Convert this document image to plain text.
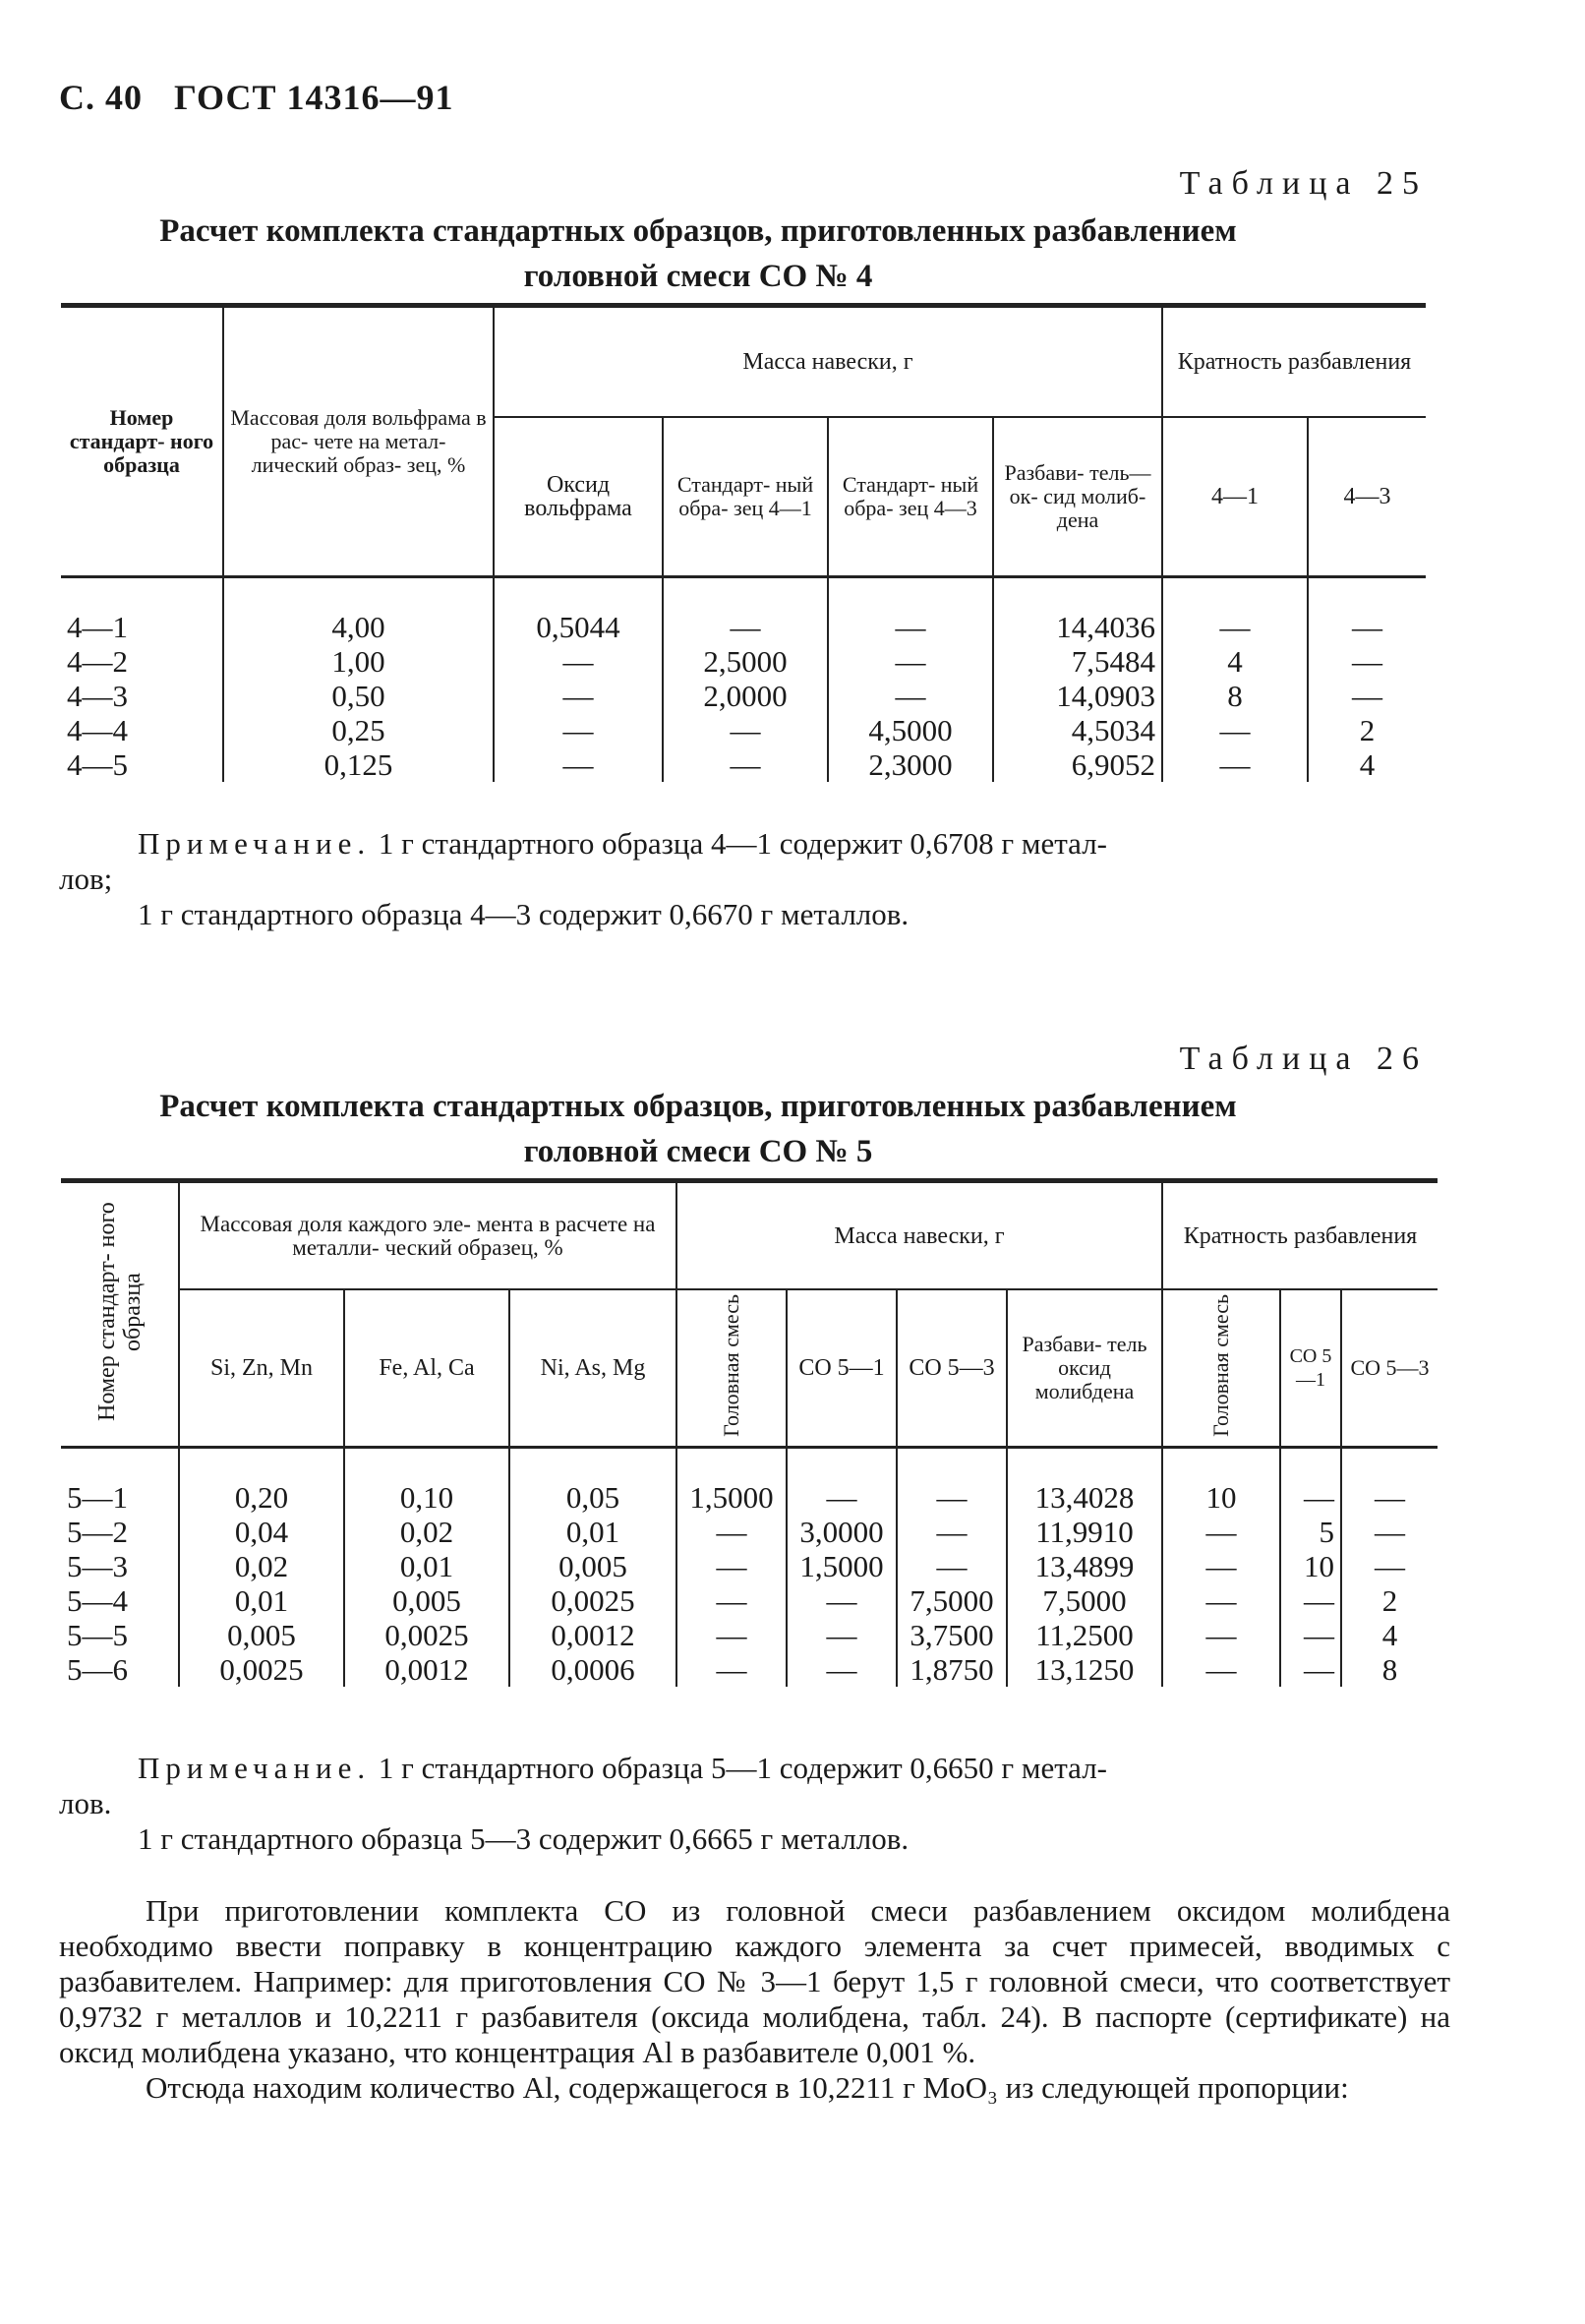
С. 40 ГОСТ 14316—91
Таблица 25
Расчет комплекта стандартных образцов, приготовленных разбавлением
головной смеси СО № 4
Номер стандарт- ного образца	Массовая доля вольфрама в рас- чете на метал- лический образ- зец, %	Масса навески, г				Кратность разбавления	
		Оксид вольфрама	Стандарт- ный обра- зец 4—1	Стандарт- ный обра- зец 4—3	Разбави- тель— ок- сид молиб- дена	4—1	4—3
4—1	4,00	0,5044	—	—	14,4036	—	—
4—2	1,00	—	2,5000	—	7,5484	4	—
4—3	0,50	—	2,0000	—	14,0903	8	—
4—4	0,25	—	—	4,5000	4,5034	—	2
4—5	0,125	—	—	2,3000	6,9052	—	4
Примечание. 1 г стандартного образца 4—1 содержит 0,6708 г метал-
лов;
1 г стандартного образца 4—3 содержит 0,6670 г металлов.
Таблица 26
Расчет комплекта стандартных образцов, приготовленных разбавлением
головной смеси СО № 5
Номер стандарт- ного образца	Массовая доля каждого эле- мента в расчете на металли- ческий образец, %			Масса навески, г				Кратность разбавления		
	Si, Zn, Mn	Fe, Al, Ca	Ni, As, Mg	Головная смесь	СО 5—1	СО 5—3	Разбави- тель оксид молибдена	Головная смесь	СО 5—1	СО 5—3
5—1	0,20	0,10	0,05	1,5000	—	—	13,4028	10	—	—
5—2	0,04	0,02	0,01	—	3,0000	—	11,9910	—	5	—
5—3	0,02	0,01	0,005	—	1,5000	—	13,4899	—	10	—
5—4	0,01	0,005	0,0025	—	—	7,5000	7,5000	—	—	2
5—5	0,005	0,0025	0,0012	—	—	3,7500	11,2500	—	—	4
5—6	0,0025	0,0012	0,0006	—	—	1,8750	13,1250	—	—	8
Примечание. 1 г стандартного образца 5—1 содержит 0,6650 г метал-
лов.
1 г стандартного образца 5—3 содержит 0,6665 г металлов.

При приготовлении комплекта СО из головной смеси разбавлением оксидом молибдена необходимо ввести поправку в концентрацию каждого элемента за счет примесей, вводимых с разбавителем. Например: для приготовления СО № 3—1 берут 1,5 г головной смеси, что соответствует 0,9732 г металлов и 10,2211 г разбавителя (оксида молибдена, табл. 24). В паспорте (сертификате) на оксид молибдена указано, что концентрация Al в разбавителе 0,001 %.

Отсюда находим количество Al, содержащегося в 10,2211 г MoO₃ из следующей пропорции:
